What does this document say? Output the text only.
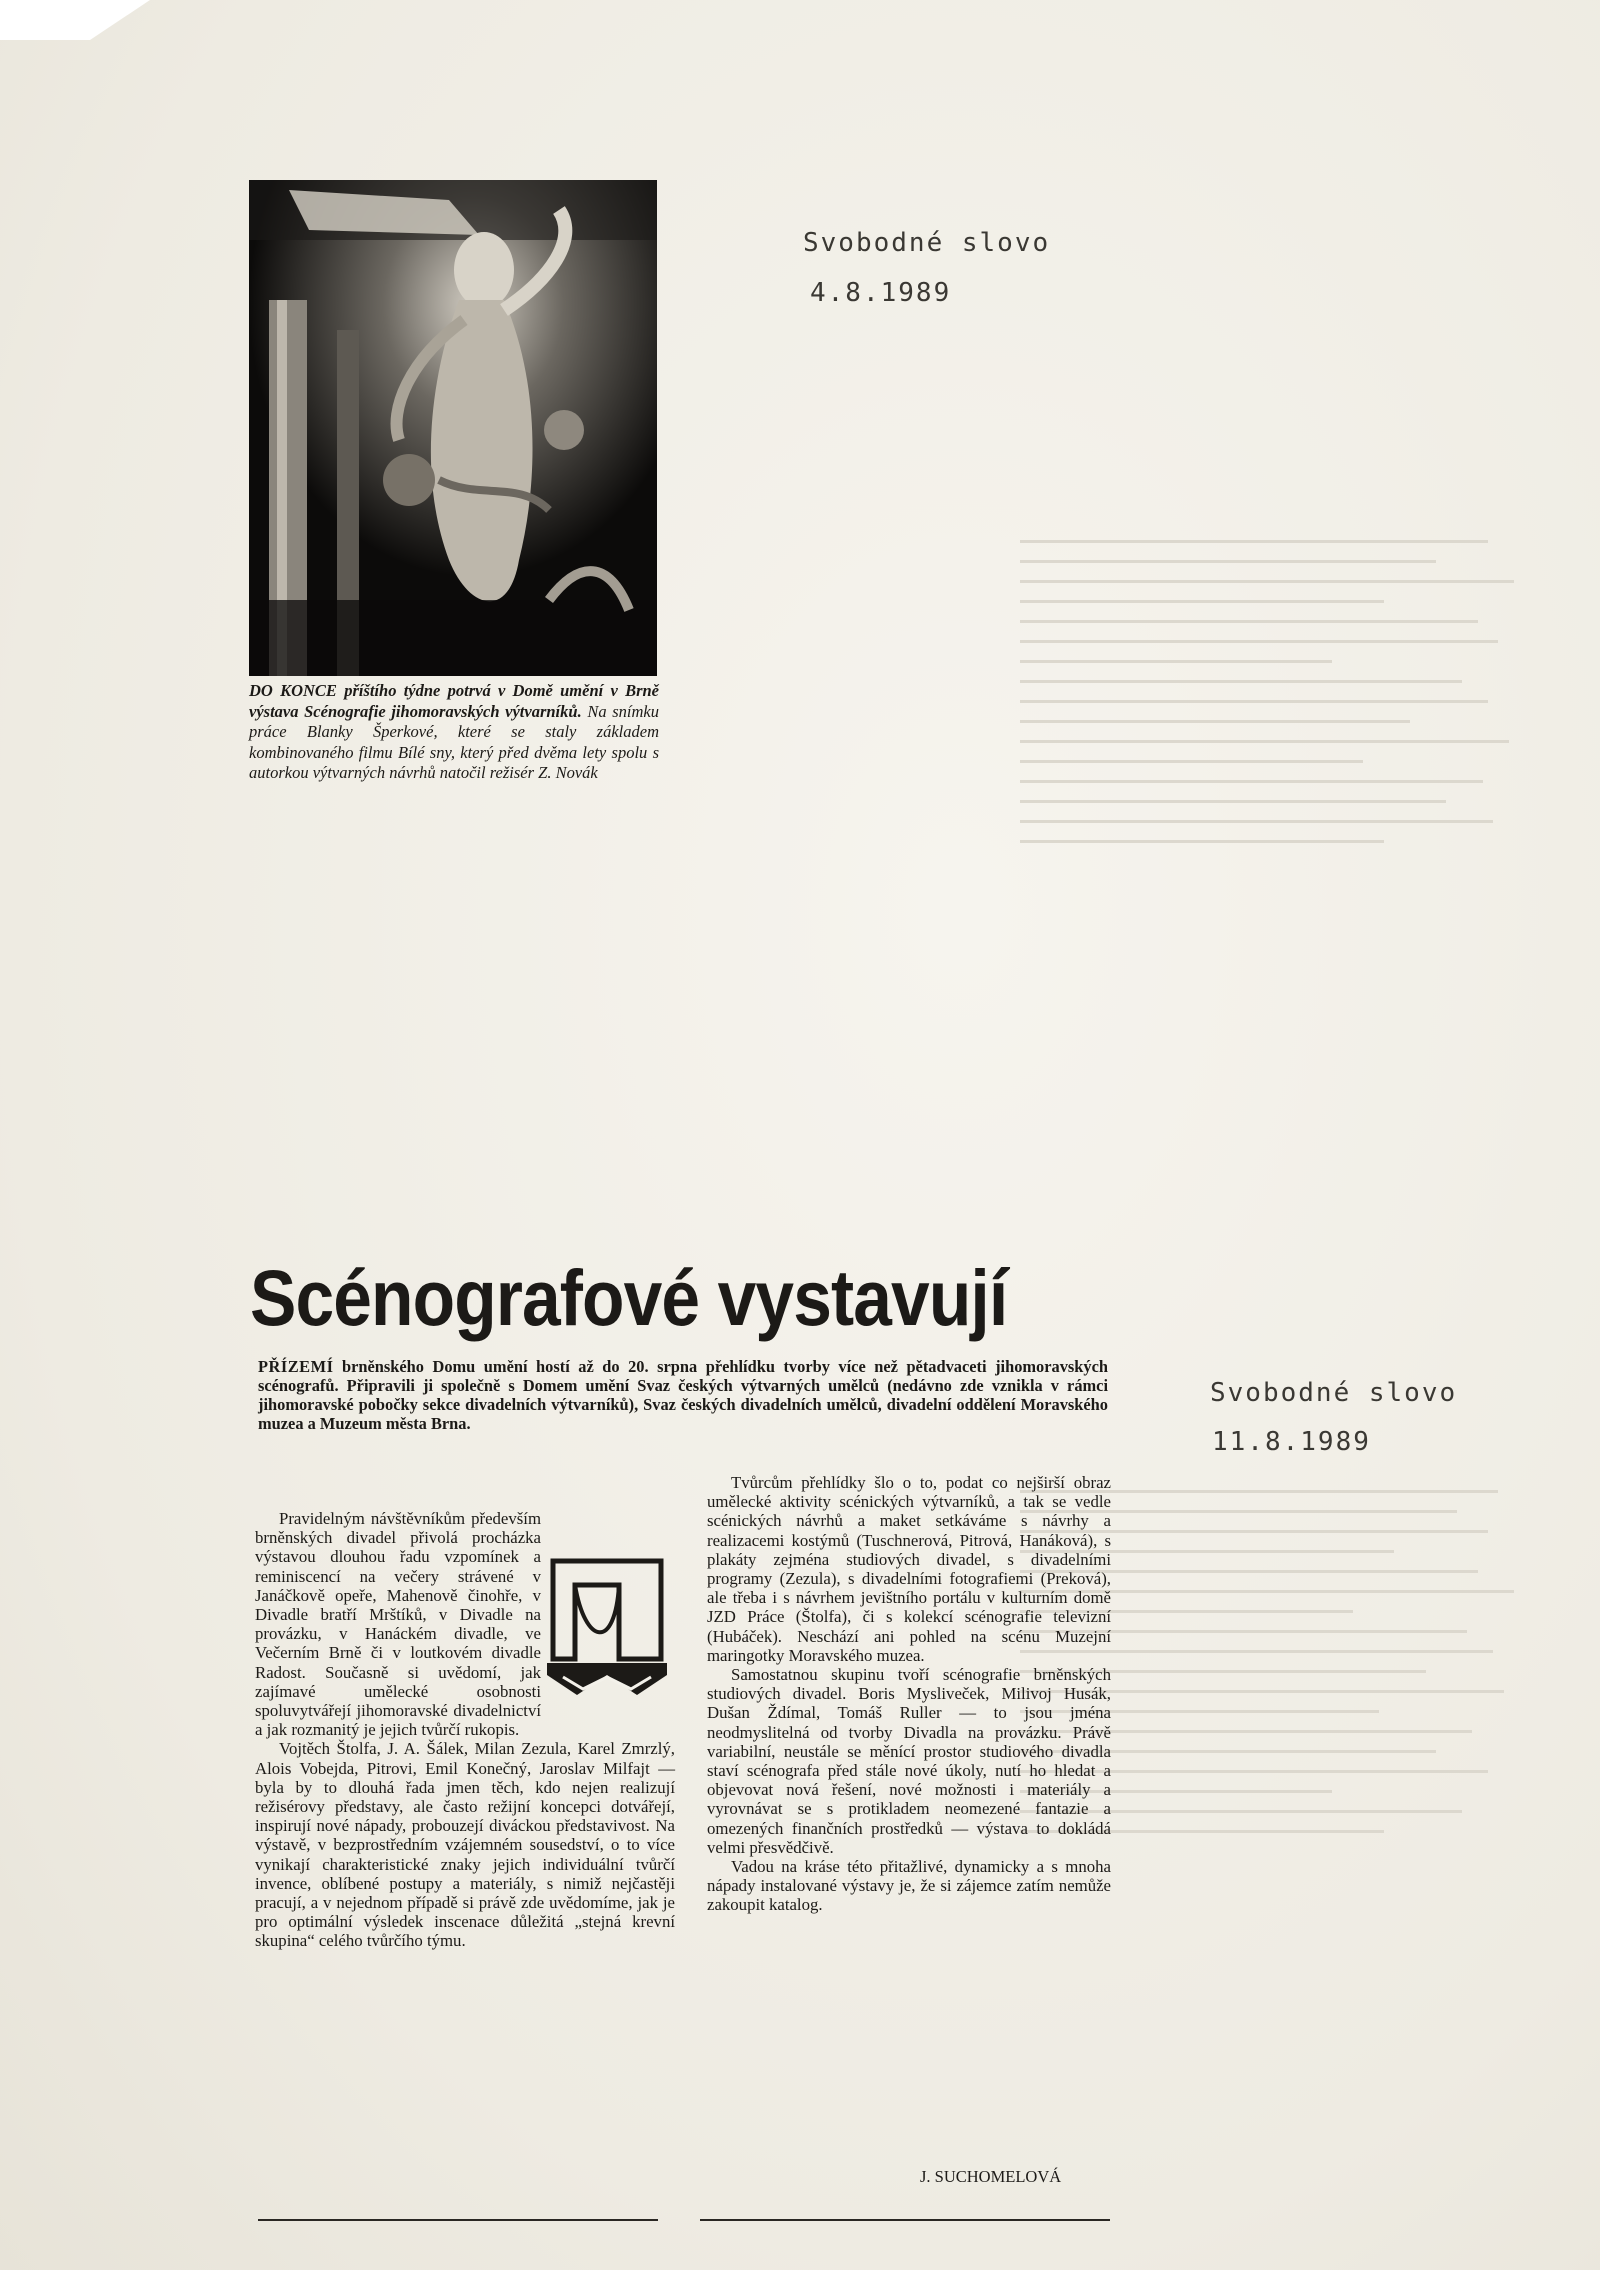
DO KONCE příštího týdne potrvá v Domě umění v Brně výstava Scénografie jihomoravských výtvarníků. Na snímku práce Blanky Šperkové, které se staly základem kombinovaného filmu Bílé sny, který před dvěma lety spolu s autorkou výtvarných návrhů natočil režisér Z. Novák
Svobodné slovo
4.8.1989
Svobodné slovo
11.8.1989
Scénografové vystavují
PŘÍZEMÍ brněnského Domu umění hostí až do 20. srpna přehlídku tvorby více než pětadvaceti jihomoravských scénografů. Připravili ji společně s Domem umění Svaz českých výtvarných umělců (nedávno zde vznikla v rámci jihomoravské pobočky sekce divadelních výtvarníků), Svaz českých divadelních umělců, divadelní oddělení Moravského muzea a Muzeum města Brna.

Pravidelným návštěvníkům především brněnských divadel přivolá procházka výstavou dlouhou řadu vzpomínek a reminiscencí na večery strávené v Janáčkově opeře, Mahenově činohře, v Divadle bratří Mrštíků, v Divadle na provázku, v Hanáckém divadle, ve Večerním Brně či v loutkovém divadle Radost. Současně si uvědomí, jak zajímavé umělecké osobnosti spoluvytvářejí jihomoravské divadelnictví a jak rozmanitý je jejich tvůrčí rukopis.

Vojtěch Štolfa, J. A. Šálek, Milan Zezula, Karel Zmrzlý, Alois Vobejda, Pitrovi, Emil Konečný, Jaroslav Milfajt — byla by to dlouhá řada jmen těch, kdo nejen realizují režisérovy představy, ale často režijní koncepci dotvářejí, inspirují nové nápady, probouzejí diváckou představivost. Na výstavě, v bezprostředním vzájemném sousedství, o to více vynikají charakteristické znaky jejich individuální tvůrčí invence, oblíbené postupy a materiály, s nimiž nejčastěji pracují, a v nejednom případě si právě zde uvědomíme, jak je pro optimální výsledek inscenace důležitá „stejná krevní skupina“ celého tvůrčího týmu.

Tvůrcům přehlídky šlo o to, podat co nejširší obraz umělecké aktivity scénických výtvarníků, a tak se vedle scénických návrhů a maket setkáváme s návrhy a realizacemi kostýmů (Tuschnerová, Pitrová, Hanáková), s plakáty zejména studiových divadel, s divadelními programy (Zezula), s divadelními fotografiemi (Preková), ale třeba i s návrhem jevištního portálu v kulturním domě JZD Práce (Štolfa), či s kolekcí scénografie televizní (Hubáček). Neschází ani pohled na scénu Muzejní maringotky Moravského muzea.

Samostatnou skupinu tvoří scénografie brněnských studiových divadel. Boris Mysliveček, Milivoj Husák, Dušan Ždímal, Tomáš Ruller — to jsou jména neodmyslitelná od tvorby Divadla na provázku. Právě variabilní, neustále se měnící prostor studiového divadla staví scénografa před stále nové úkoly, nutí ho hledat a objevovat nová řešení, nové možnosti i materiály a vyrovnávat se s protikladem neomezené fantazie a omezených finančních prostředků — výstava to dokládá velmi přesvědčivě.

Vadou na kráse této přitažlivé, dynamicky a s mnoha nápady instalované výstavy je, že si zájemce zatím nemůže zakoupit katalog.

J. SUCHOMELOVÁ
